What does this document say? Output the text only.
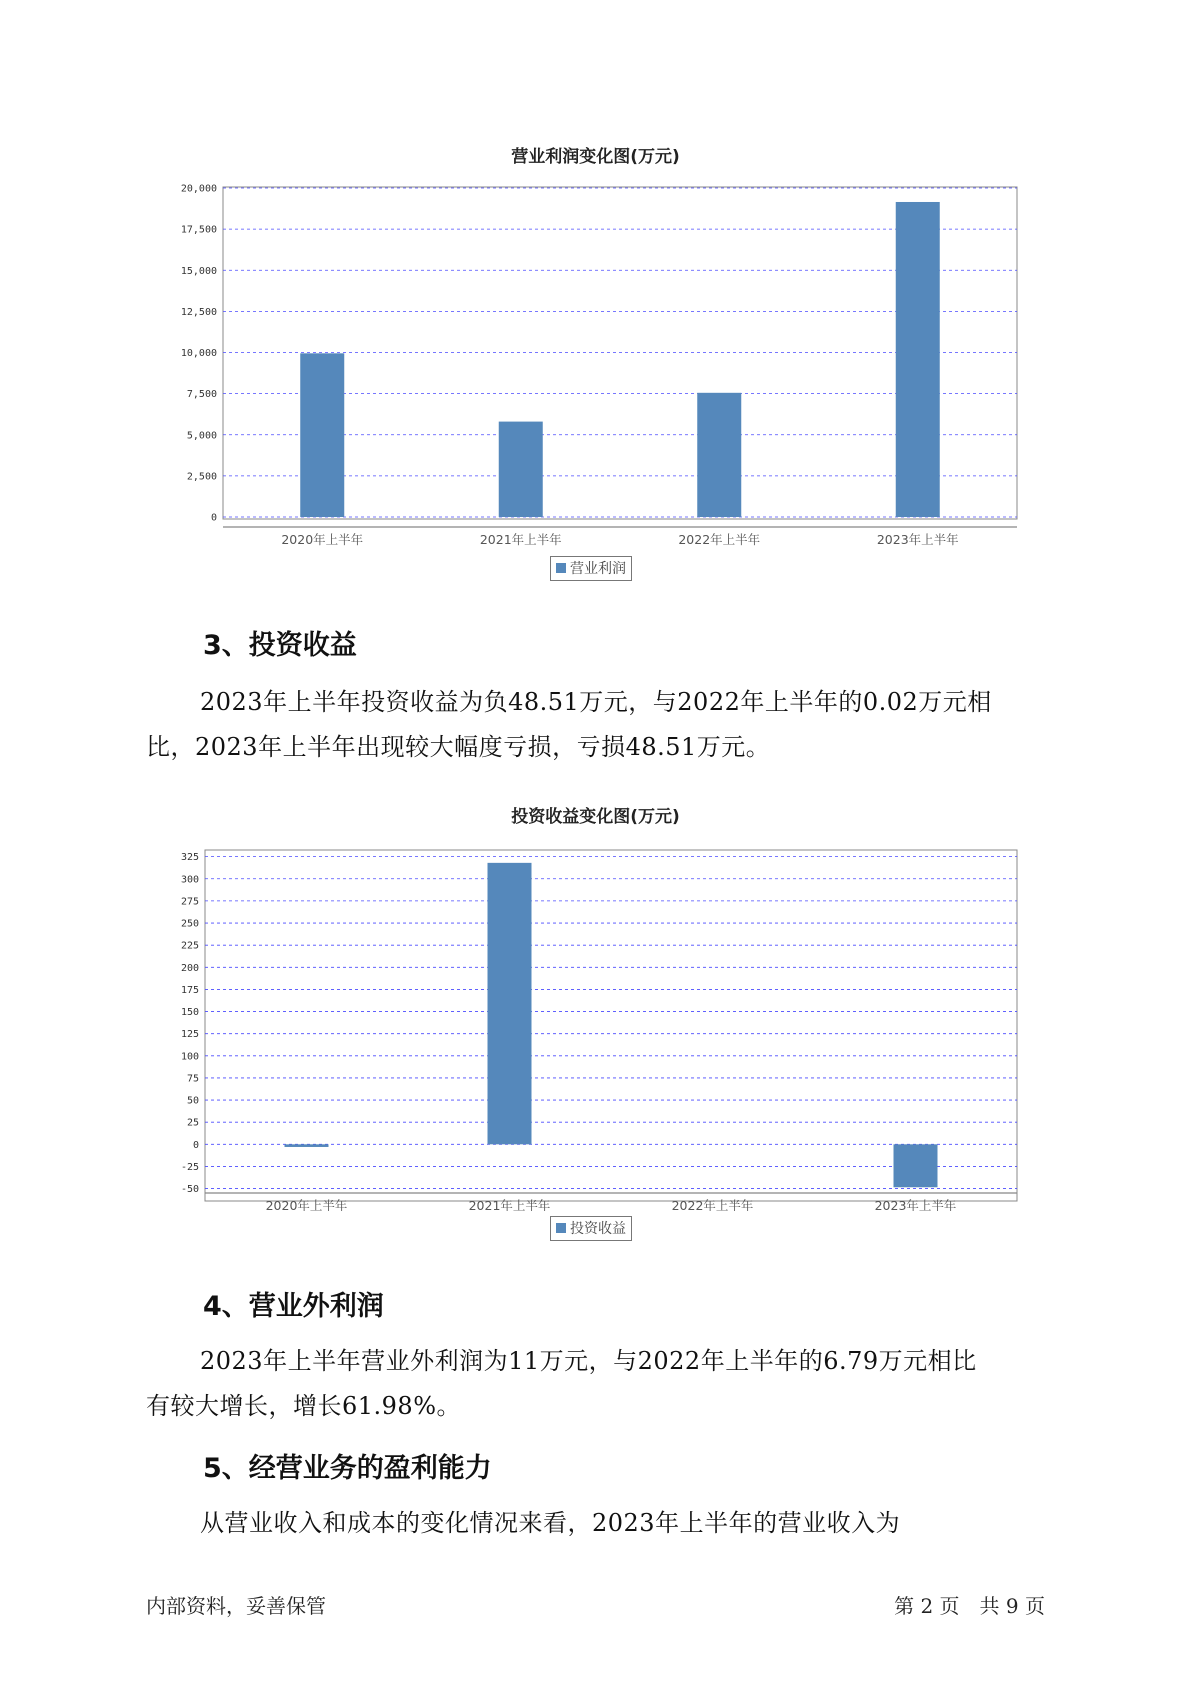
营业利润变化图(万元)
0
2,500
5,000
7,500
10,000
12,500
15,000
17,500
20,000
2020年上半年	2021年上半年	2022年上半年	2023年上半年
营业利润
3、投资收益

2023年上半年投资收益为负48.51万元，与2022年上半年的0.02万元相
比，2023年上半年出现较大幅度亏损，亏损48.51万元。

投资收益变化图(万元)
-50
-25
0
25
50
75
100
125
150
175
200
225
250
275
300
325
2020年上半年	2021年上半年	2022年上半年	2023年上半年
投资收益
4、营业外利润

2023年上半年营业外利润为11万元，与2022年上半年的6.79万元相比
有较大增长，增长61.98%。

5、经营业务的盈利能力

从营业收入和成本的变化情况来看，2023年上半年的营业收入为

内部资料，妥善保管	第 2 页　共 9 页
